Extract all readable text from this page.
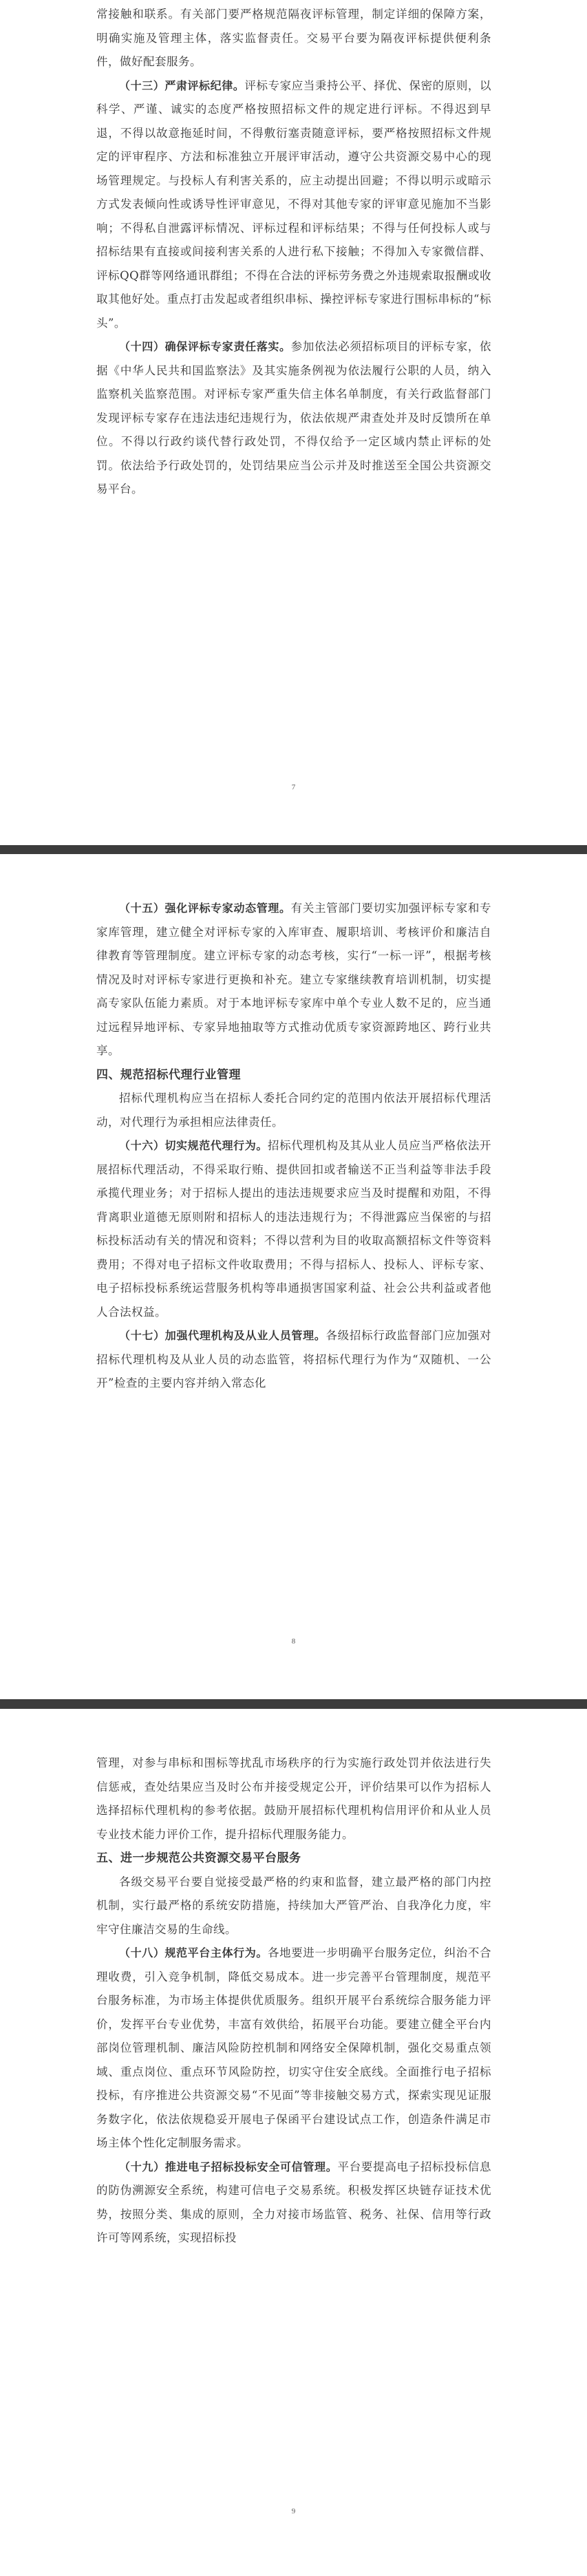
常接触和联系。有关部门要严格规范隔夜评标管理，制定详细的保障方案，明确实施及管理主体，落实监督责任。交易平台要为隔夜评标提供便利条件，做好配套服务。

（十三）严肃评标纪律。评标专家应当秉持公平、择优、保密的原则，以科学、严谨、诚实的态度严格按照招标文件的规定进行评标。不得迟到早退，不得以故意拖延时间，不得敷衍塞责随意评标，要严格按照招标文件规定的评审程序、方法和标准独立开展评审活动，遵守公共资源交易中心的现场管理规定。与投标人有利害关系的，应主动提出回避；不得以明示或暗示方式发表倾向性或诱导性评审意见，不得对其他专家的评审意见施加不当影响；不得私自泄露评标情况、评标过程和评标结果；不得与任何投标人或与招标结果有直接或间接利害关系的人进行私下接触；不得加入专家微信群、评标QQ群等网络通讯群组；不得在合法的评标劳务费之外违规索取报酬或收取其他好处。重点打击发起或者组织串标、操控评标专家进行围标串标的“标头”。

（十四）确保评标专家责任落实。参加依法必须招标项目的评标专家，依据《中华人民共和国监察法》及其实施条例视为依法履行公职的人员，纳入监察机关监察范围。对评标专家严重失信主体名单制度，有关行政监督部门发现评标专家存在违法违纪违规行为，依法依规严肃查处并及时反馈所在单位。不得以行政约谈代替行政处罚，不得仅给予一定区域内禁止评标的处罚。依法给予行政处罚的，处罚结果应当公示并及时推送至全国公共资源交易平台。

7

（十五）强化评标专家动态管理。有关主管部门要切实加强评标专家和专家库管理，建立健全对评标专家的入库审查、履职培训、考核评价和廉洁自律教育等管理制度。建立评标专家的动态考核，实行“一标一评”，根据考核情况及时对评标专家进行更换和补充。建立专家继续教育培训机制，切实提高专家队伍能力素质。对于本地评标专家库中单个专业人数不足的，应当通过远程异地评标、专家异地抽取等方式推动优质专家资源跨地区、跨行业共享。

四、规范招标代理行业管理

招标代理机构应当在招标人委托合同约定的范围内依法开展招标代理活动，对代理行为承担相应法律责任。

（十六）切实规范代理行为。招标代理机构及其从业人员应当严格依法开展招标代理活动，不得采取行贿、提供回扣或者输送不正当利益等非法手段承揽代理业务；对于招标人提出的违法违规要求应当及时提醒和劝阻，不得背离职业道德无原则附和招标人的违法违规行为；不得泄露应当保密的与招标投标活动有关的情况和资料；不得以营利为目的收取高额招标文件等资料费用；不得对电子招标文件收取费用；不得与招标人、投标人、评标专家、电子招标投标系统运营服务机构等串通损害国家利益、社会公共利益或者他人合法权益。

（十七）加强代理机构及从业人员管理。各级招标行政监督部门应加强对招标代理机构及从业人员的动态监管，将招标代理行为作为“双随机、一公开”检查的主要内容并纳入常态化

8

管理，对参与串标和围标等扰乱市场秩序的行为实施行政处罚并依法进行失信惩戒，查处结果应当及时公布并接受规定公开，评价结果可以作为招标人选择招标代理机构的参考依据。鼓励开展招标代理机构信用评价和从业人员专业技术能力评价工作，提升招标代理服务能力。

五、进一步规范公共资源交易平台服务

各级交易平台要自觉接受最严格的约束和监督，建立最严格的部门内控机制，实行最严格的系统安防措施，持续加大严管严治、自我净化力度，牢牢守住廉洁交易的生命线。

（十八）规范平台主体行为。各地要进一步明确平台服务定位，纠治不合理收费，引入竞争机制，降低交易成本。进一步完善平台管理制度，规范平台服务标准，为市场主体提供优质服务。组织开展平台系统综合服务能力评价，发挥平台专业优势，丰富有效供给，拓展平台功能。要建立健全平台内部岗位管理机制、廉洁风险防控机制和网络安全保障机制，强化交易重点领域、重点岗位、重点环节风险防控，切实守住安全底线。全面推行电子招标投标，有序推进公共资源交易“不见面”等非接触交易方式，探索实现见证服务数字化，依法依规稳妥开展电子保函平台建设试点工作，创造条件满足市场主体个性化定制服务需求。

（十九）推进电子招标投标安全可信管理。平台要提高电子招标投标信息的防伪溯源安全系统，构建可信电子交易系统。积极发挥区块链存证技术优势，按照分类、集成的原则，全力对接市场监管、税务、社保、信用等行政许可等网系统，实现招标投

9
